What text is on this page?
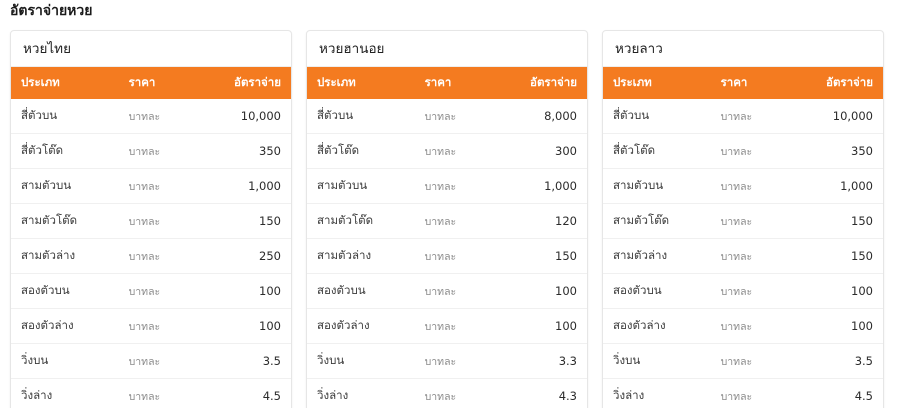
อัตราจ่ายหวย
หวยไทย
ประเภท	ราคา	อัตราจ่าย
สี่ตัวบน	บาทละ	10,000
สี่ตัวโต๊ด	บาทละ	350
สามตัวบน	บาทละ	1,000
สามตัวโต๊ด	บาทละ	150
สามตัวล่าง	บาทละ	250
สองตัวบน	บาทละ	100
สองตัวล่าง	บาทละ	100
วิ่งบน	บาทละ	3.5
วิ่งล่าง	บาทละ	4.5
หวยฮานอย
ประเภท	ราคา	อัตราจ่าย
สี่ตัวบน	บาทละ	8,000
สี่ตัวโต๊ด	บาทละ	300
สามตัวบน	บาทละ	1,000
สามตัวโต๊ด	บาทละ	120
สามตัวล่าง	บาทละ	150
สองตัวบน	บาทละ	100
สองตัวล่าง	บาทละ	100
วิ่งบน	บาทละ	3.3
วิ่งล่าง	บาทละ	4.3
หวยลาว
ประเภท	ราคา	อัตราจ่าย
สี่ตัวบน	บาทละ	10,000
สี่ตัวโต๊ด	บาทละ	350
สามตัวบน	บาทละ	1,000
สามตัวโต๊ด	บาทละ	150
สามตัวล่าง	บาทละ	150
สองตัวบน	บาทละ	100
สองตัวล่าง	บาทละ	100
วิ่งบน	บาทละ	3.5
วิ่งล่าง	บาทละ	4.5
